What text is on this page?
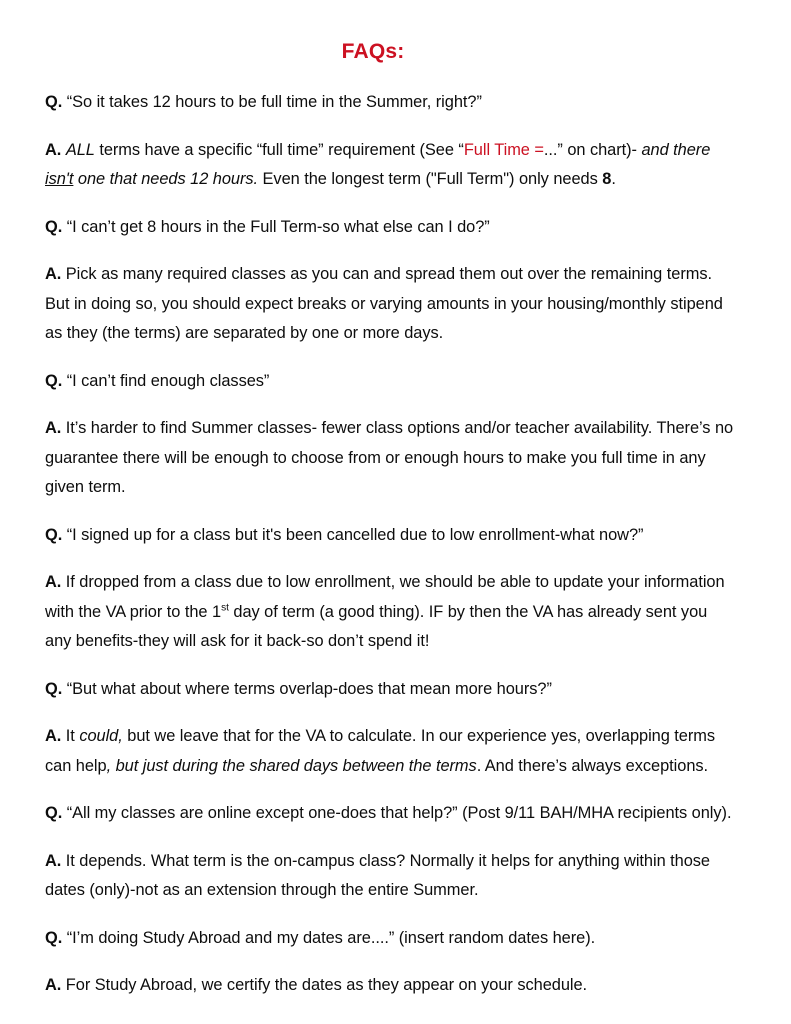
FAQs:

Q. “So it takes 12 hours to be full time in the Summer, right?”

A. ALL terms have a specific “full time” requirement (See “Full Time =...” on chart)- and there isn't one that needs 12 hours. Even the longest term ("Full Term") only needs 8.

Q. “I can’t get 8 hours in the Full Term-so what else can I do?”

A. Pick as many required classes as you can and spread them out over the remaining terms. But in doing so, you should expect breaks or varying amounts in your housing/monthly stipend as they (the terms) are separated by one or more days.

Q. “I can’t find enough classes”

A. It’s harder to find Summer classes- fewer class options and/or teacher availability. There’s no guarantee there will be enough to choose from or enough hours to make you full time in any given term.

Q. “I signed up for a class but it's been cancelled due to low enrollment-what now?”

A. If dropped from a class due to low enrollment, we should be able to update your information with the VA prior to the 1st day of term (a good thing). IF by then the VA has already sent you any benefits-they will ask for it back-so don’t spend it!

Q. “But what about where terms overlap-does that mean more hours?”

A. It could, but we leave that for the VA to calculate. In our experience yes, overlapping terms can help, but just during the shared days between the terms. And there’s always exceptions.

Q. “All my classes are online except one-does that help?” (Post 9/11 BAH/MHA recipients only).

A. It depends. What term is the on-campus class? Normally it helps for anything within those dates (only)-not as an extension through the entire Summer.

Q. “I’m doing Study Abroad and my dates are....” (insert random dates here).

A. For Study Abroad, we certify the dates as they appear on your schedule.
